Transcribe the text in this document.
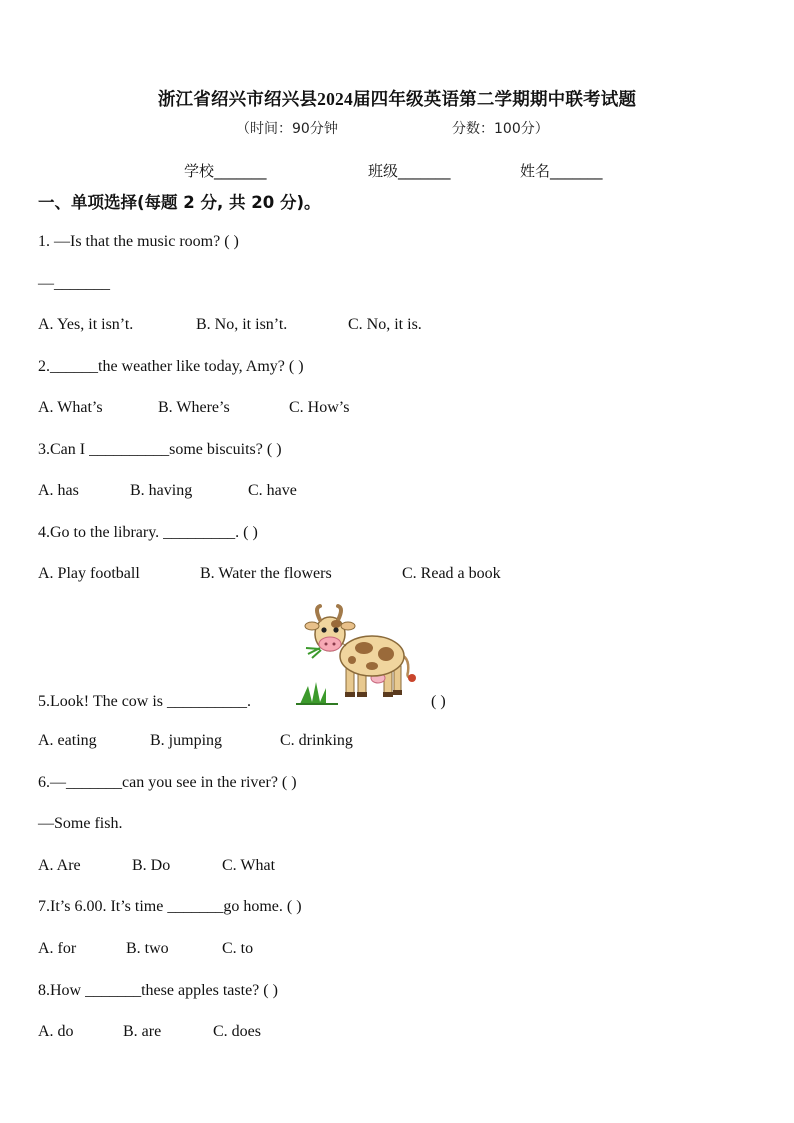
浙江省绍兴市绍兴县2024届四年级英语第二学期期中联考试题
（时间：90分钟	分数：100分）
学校_______	班级_______	姓名_______
一、单项选择(每题 2 分, 共 20 分)。
1. —Is that the music room? ( )
—_______
A. Yes, it isn’t.	B. No, it isn’t.	C. No, it is.
2.______the weather like today, Amy? ( )
A. What’s	B. Where’s	C. How’s
3.Can I __________some biscuits? ( )
A. has	B. having	C. have
4.Go to the library. _________. ( )
A. Play football	B. Water the flowers	C. Read a book
5.Look! The cow is __________.	( )
A. eating	B. jumping	C. drinking
6.—_______can you see in the river? ( )
—Some fish.
A. Are	B. Do	C. What
7.It’s 6.00. It’s time _______go home. ( )
A. for	B. two	C. to
8.How _______these apples taste? ( )
A. do	B. are	C. does
